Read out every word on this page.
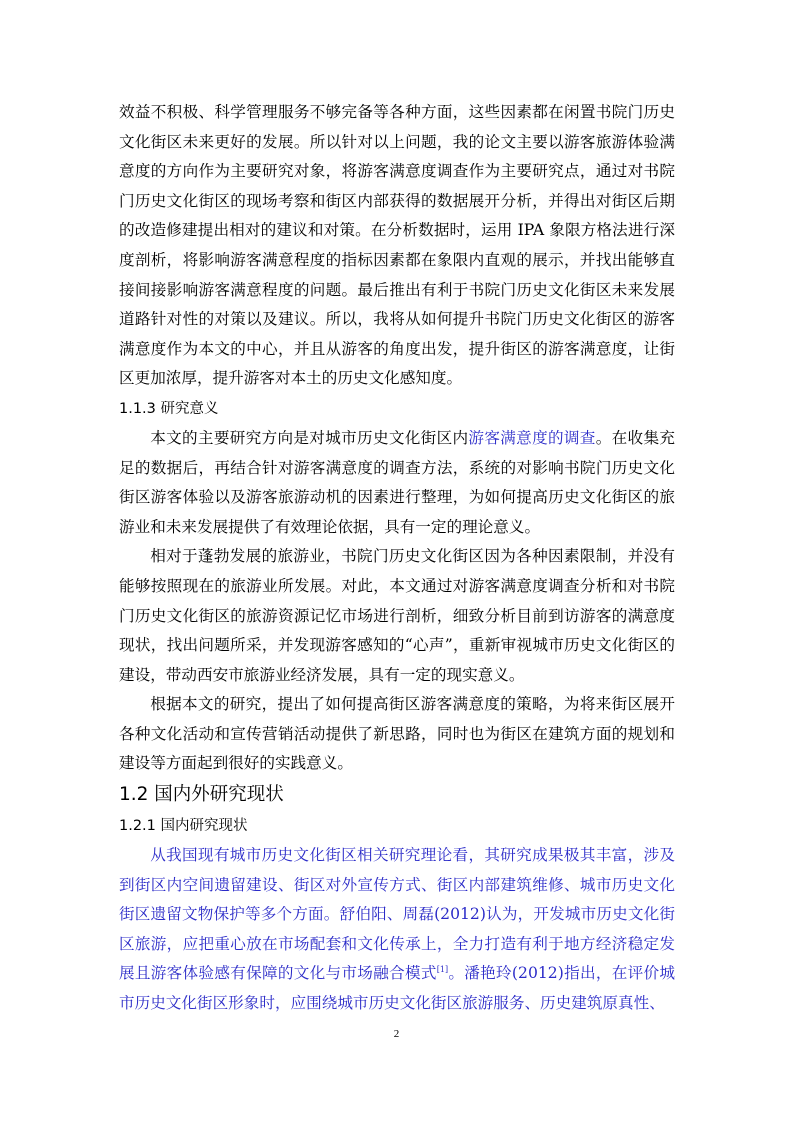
效益不积极、科学管理服务不够完备等各种方面，这些因素都在闲置书院门历史文化街区未来更好的发展。所以针对以上问题，我的论文主要以游客旅游体验满意度的方向作为主要研究对象，将游客满意度调查作为主要研究点，通过对书院门历史文化街区的现场考察和街区内部获得的数据展开分析，并得出对街区后期的改造修建提出相对的建议和对策。在分析数据时，运用 IPA 象限方格法进行深度剖析，将影响游客满意程度的指标因素都在象限内直观的展示，并找出能够直接间接影响游客满意程度的问题。最后推出有利于书院门历史文化街区未来发展道路针对性的对策以及建议。所以，我将从如何提升书院门历史文化街区的游客满意度作为本文的中心，并且从游客的角度出发，提升街区的游客满意度，让街区更加浓厚，提升游客对本土的历史文化感知度。

1.1.3 研究意义

本文的主要研究方向是对城市历史文化街区内游客满意度的调查。在收集充足的数据后，再结合针对游客满意度的调查方法，系统的对影响书院门历史文化街区游客体验以及游客旅游动机的因素进行整理，为如何提高历史文化街区的旅游业和未来发展提供了有效理论依据，具有一定的理论意义。

相对于蓬勃发展的旅游业，书院门历史文化街区因为各种因素限制，并没有能够按照现在的旅游业所发展。对此，本文通过对游客满意度调查分析和对书院门历史文化街区的旅游资源记忆市场进行剖析，细致分析目前到访游客的满意度现状，找出问题所采，并发现游客感知的“心声”，重新审视城市历史文化街区的建设，带动西安市旅游业经济发展，具有一定的现实意义。

根据本文的研究，提出了如何提高街区游客满意度的策略，为将来街区展开各种文化活动和宣传营销活动提供了新思路，同时也为街区在建筑方面的规划和建设等方面起到很好的实践意义。

1.2 国内外研究现状
1.2.1 国内研究现状

从我国现有城市历史文化街区相关研究理论看，其研究成果极其丰富，涉及到街区内空间遗留建设、街区对外宣传方式、街区内部建筑维修、城市历史文化街区遗留文物保护等多个方面。舒伯阳、周磊(2012)认为，开发城市历史文化街区旅游，应把重心放在市场配套和文化传承上，全力打造有利于地方经济稳定发展且游客体验感有保障的文化与市场融合模式[1]。潘艳玲(2012)指出，在评价城市历史文化街区形象时，应围绕城市历史文化街区旅游服务、历史建筑原真性、

2
